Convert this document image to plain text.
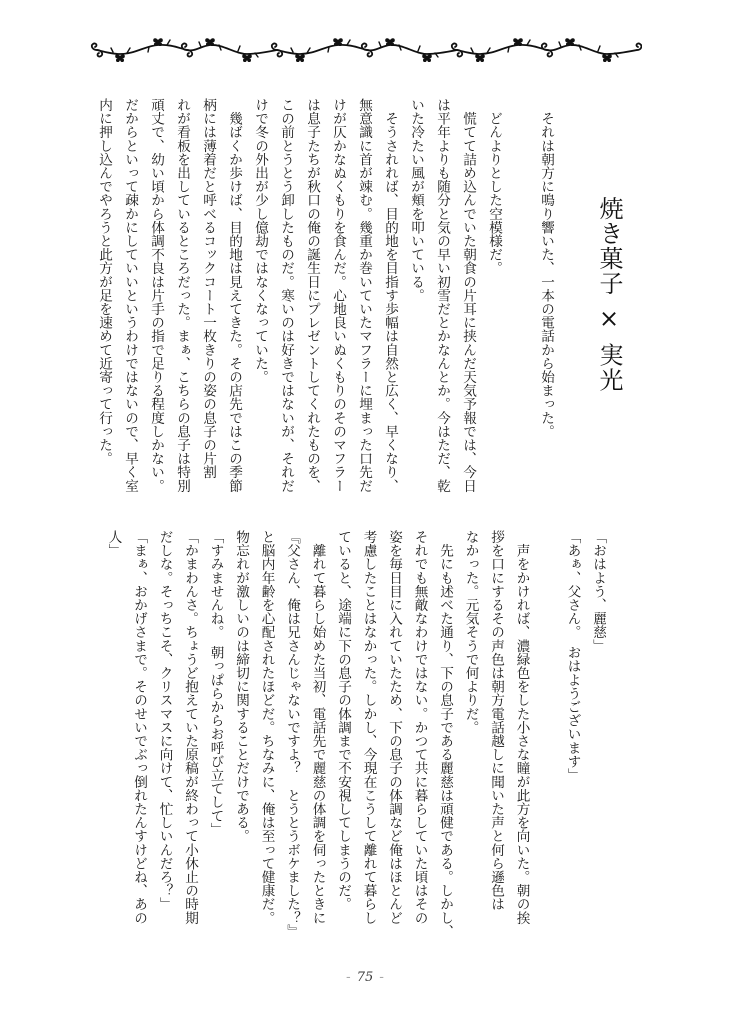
焼き菓子 × 実光
　それは朝方に鳴り響いた、一本の電話から始まった。
　どんよりとした空模様だ。
　慌てて詰め込んでいた朝食の片耳に挟んだ天気予報では、今日
は平年よりも随分と気の早い初雪だとかなんとか。今はただ、乾
いた冷たい風が頬を叩いている。
　そうされれば、目的地を目指す歩幅は自然と広く、早くなり、
無意識に首が竦む。幾重か巻いていたマフラーに埋まった口先だ
けが仄かなぬくもりを食んだ。心地良いぬくもりのそのマフラー
は息子たちが秋口の俺の誕生日にプレゼントしてくれたものを、
この前とうとう卸したものだ。寒いのは好きではないが、それだ
けで冬の外出が少し億劫ではなくなっていた。
　幾ばくか歩けば、目的地は見えてきた。その店先ではこの季節
柄には薄着だと呼べるコックコート一枚きりの姿の息子の片割
れが看板を出しているところだった。まぁ、こちらの息子は特別
頑丈で、幼い頃から体調不良は片手の指で足りる程度しかない。
だからといって疎かにしていいというわけではないので、早く室
内に押し込んでやろうと此方が足を速めて近寄って行った。
「おはよう、麗慈」
「あぁ、父さん。　おはようございます」
　声をかければ、濃緑色をした小さな瞳が此方を向いた。朝の挨
拶を口にするその声色は朝方電話越しに聞いた声と何ら遜色は
なかった。元気そうで何よりだ。
　先にも述べた通り、下の息子である麗慈は頑健である。しかし、
それでも無敵なわけではない。かつて共に暮らしていた頃はその
姿を毎日目に入れていたため、下の息子の体調など俺はほとんど
考慮したことはなかった。しかし、今現在こうして離れて暮らし
ていると、途端に下の息子の体調まで不安視してしまうのだ。
　離れて暮らし始めた当初、電話先で麗慈の体調を伺ったときに
『父さん、俺は兄さんじゃないですよ？　とうとうボケました？』
と脳内年齢を心配されたほどだ。ちなみに、俺は至って健康だ。
物忘れが激しいのは締切に関することだけである。
「すみませんね。　朝っぱらからお呼び立てして」
「かまわんさ。ちょうど抱えていた原稿が終わって小休止の時期
だしな。そっちこそ、クリスマスに向けて、忙しいんだろ？」
「まぁ、おかげさまで。そのせいでぶっ倒れたんすけどね、あの
人」
- 75 -
